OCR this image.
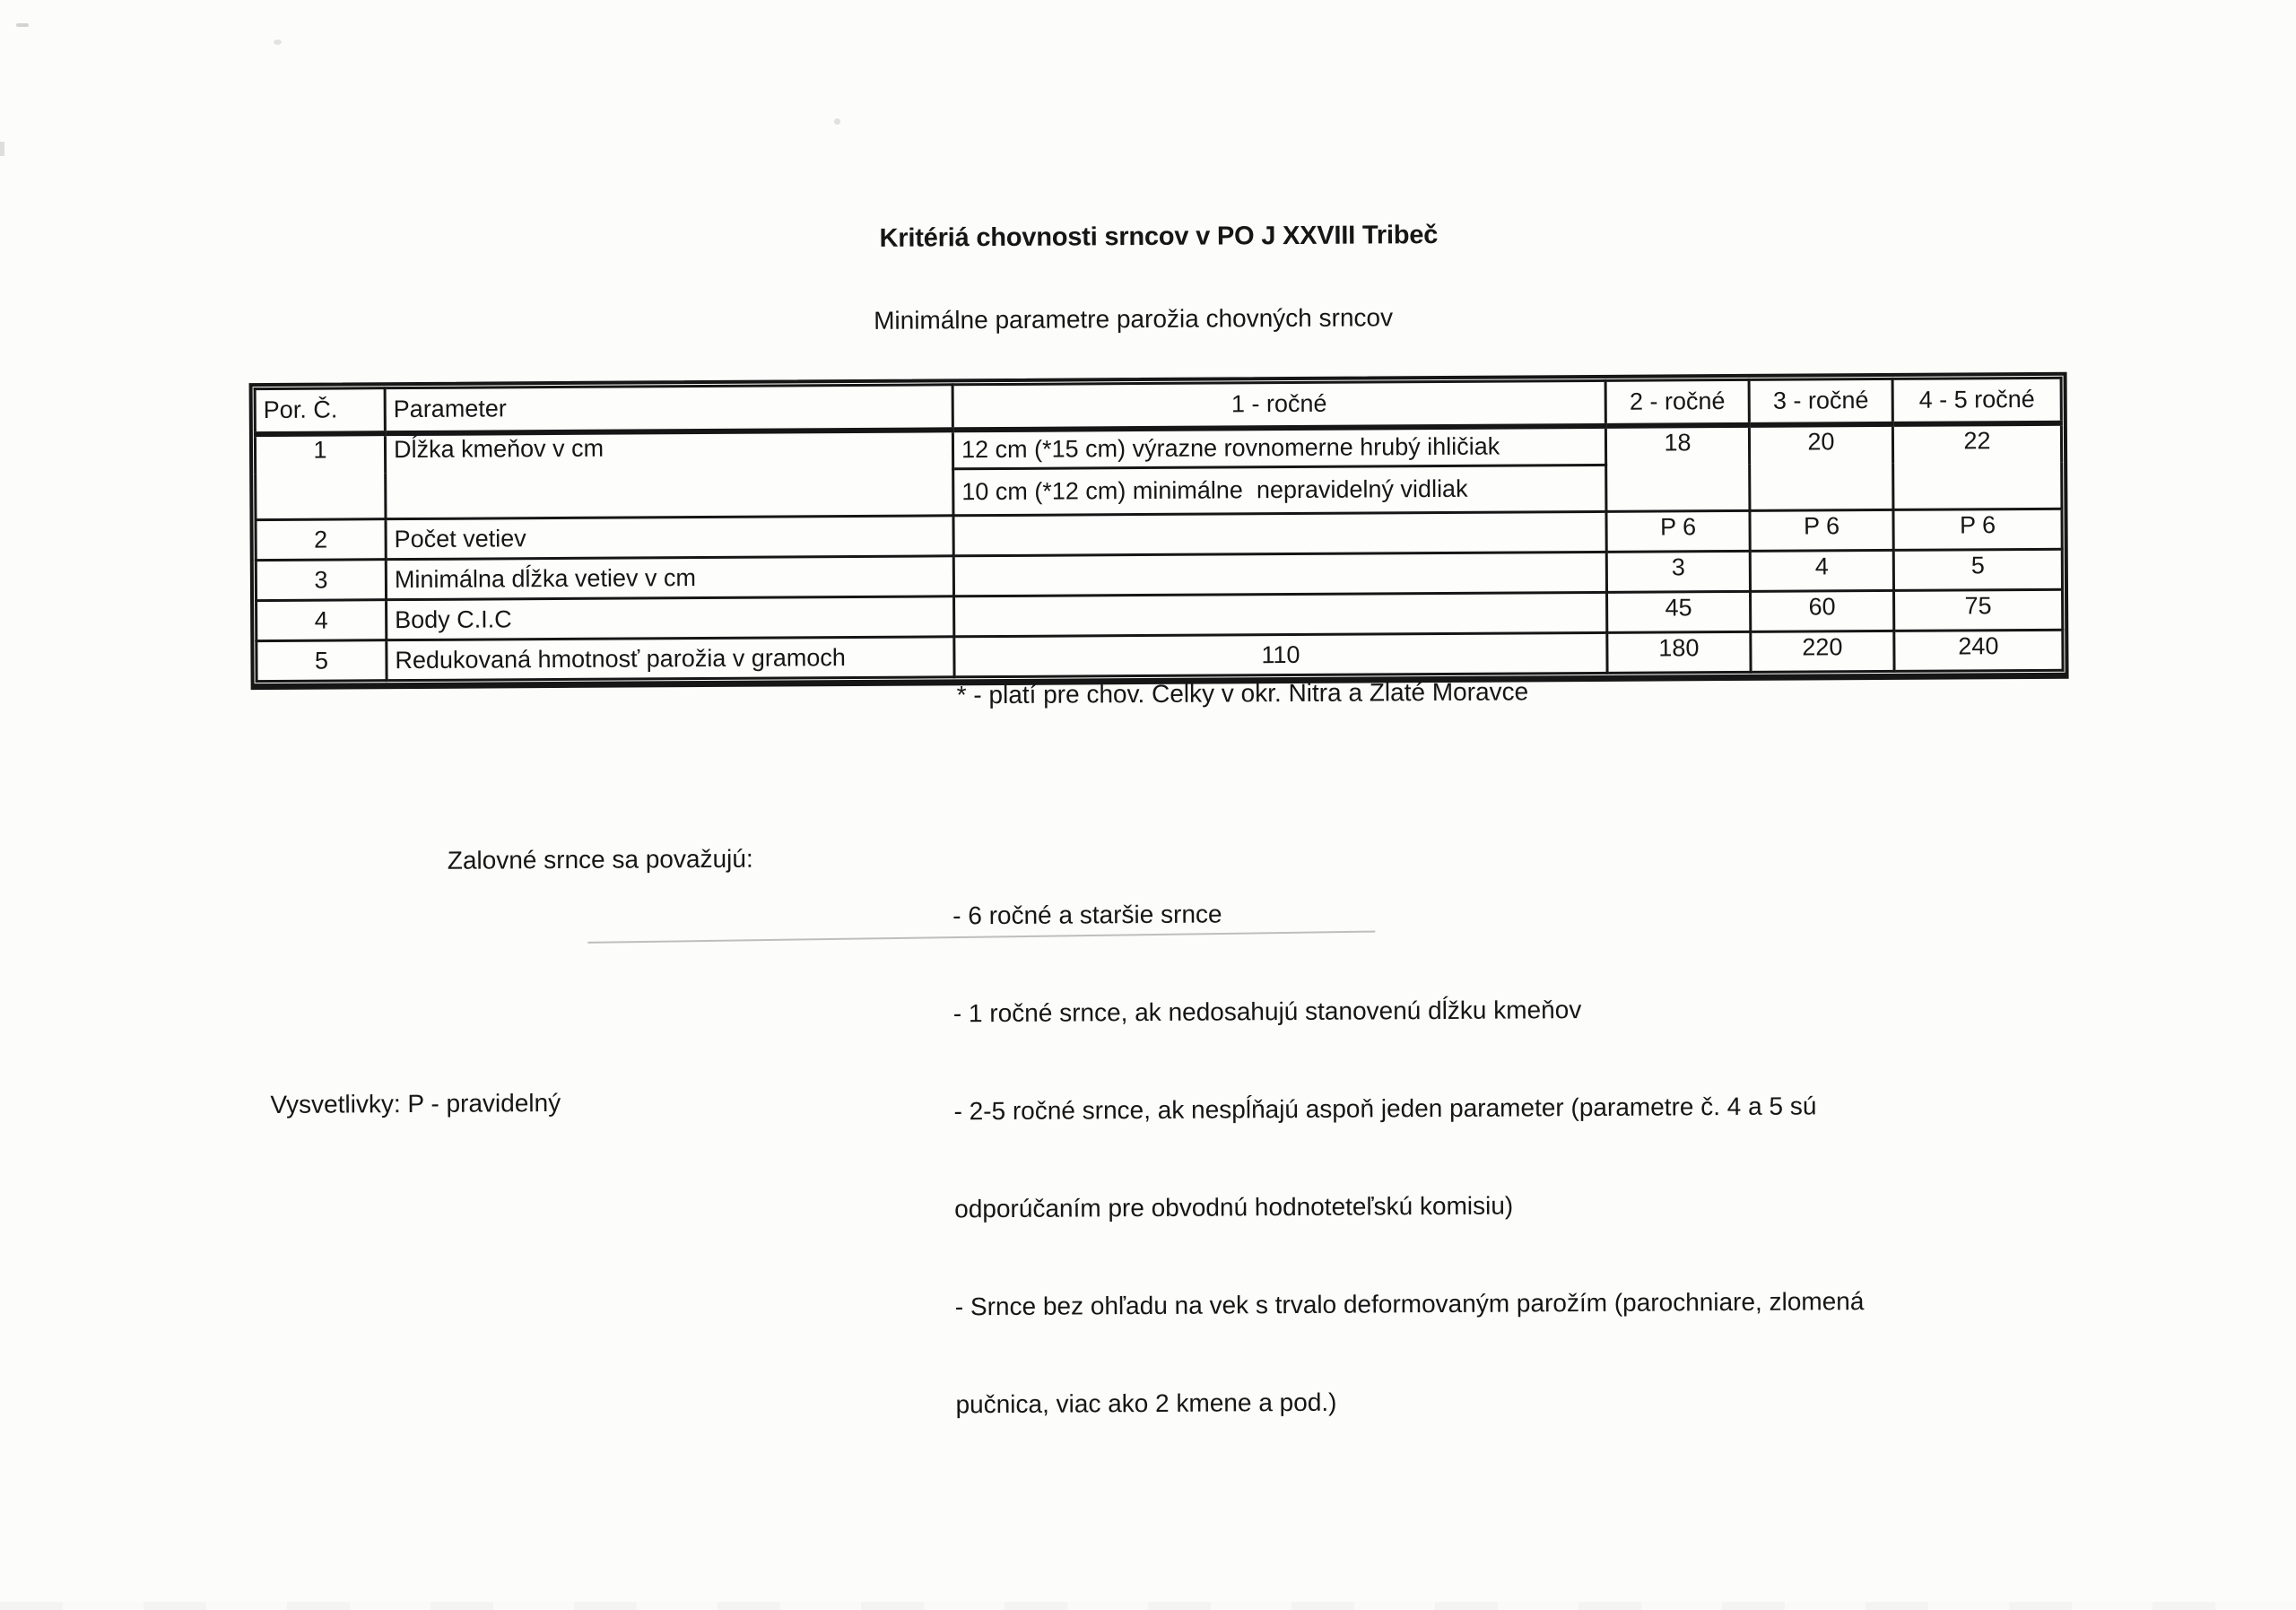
Kritériá chovnosti srncov v PO J XXVIII Tribeč
Minimálne parametre parožia chovných srncov
Por. Č.	Parameter	1 - ročné	2 - ročné	3 - ročné	4 - 5 ročné
1	Dĺžka kmeňov v cm	12 cm (*15 cm) výrazne rovnomerne hrubý ihličiak	18	20	22
		10 cm (*12 cm) minimálne  nepravidelný vidliak			
2	Počet vetiev		P 6	P 6	P 6
3	Minimálna dĺžka vetiev v cm		3	4	5
4	Body C.I.C		45	60	75
5	Redukovaná hmotnosť parožia v gramoch	110	180	220	240
* - platí pre chov. Celky v okr. Nitra a Zlaté Moravce
Zalovné srnce sa považujú:

- 6 ročné a staršie srnce

- 1 ročné srnce, ak nedosahujú stanovenú dĺžku kmeňov

- 2-5 ročné srnce, ak nespĺňajú aspoň jeden parameter (parametre č. 4 a 5 sú

odporúčaním pre obvodnú hodnoteteľskú komisiu)

- Srnce bez ohľadu na vek s trvalo deformovaným parožím (parochniare, zlomená

pučnica, viac ako 2 kmene a pod.)

Vysvetlivky: P - pravidelný
